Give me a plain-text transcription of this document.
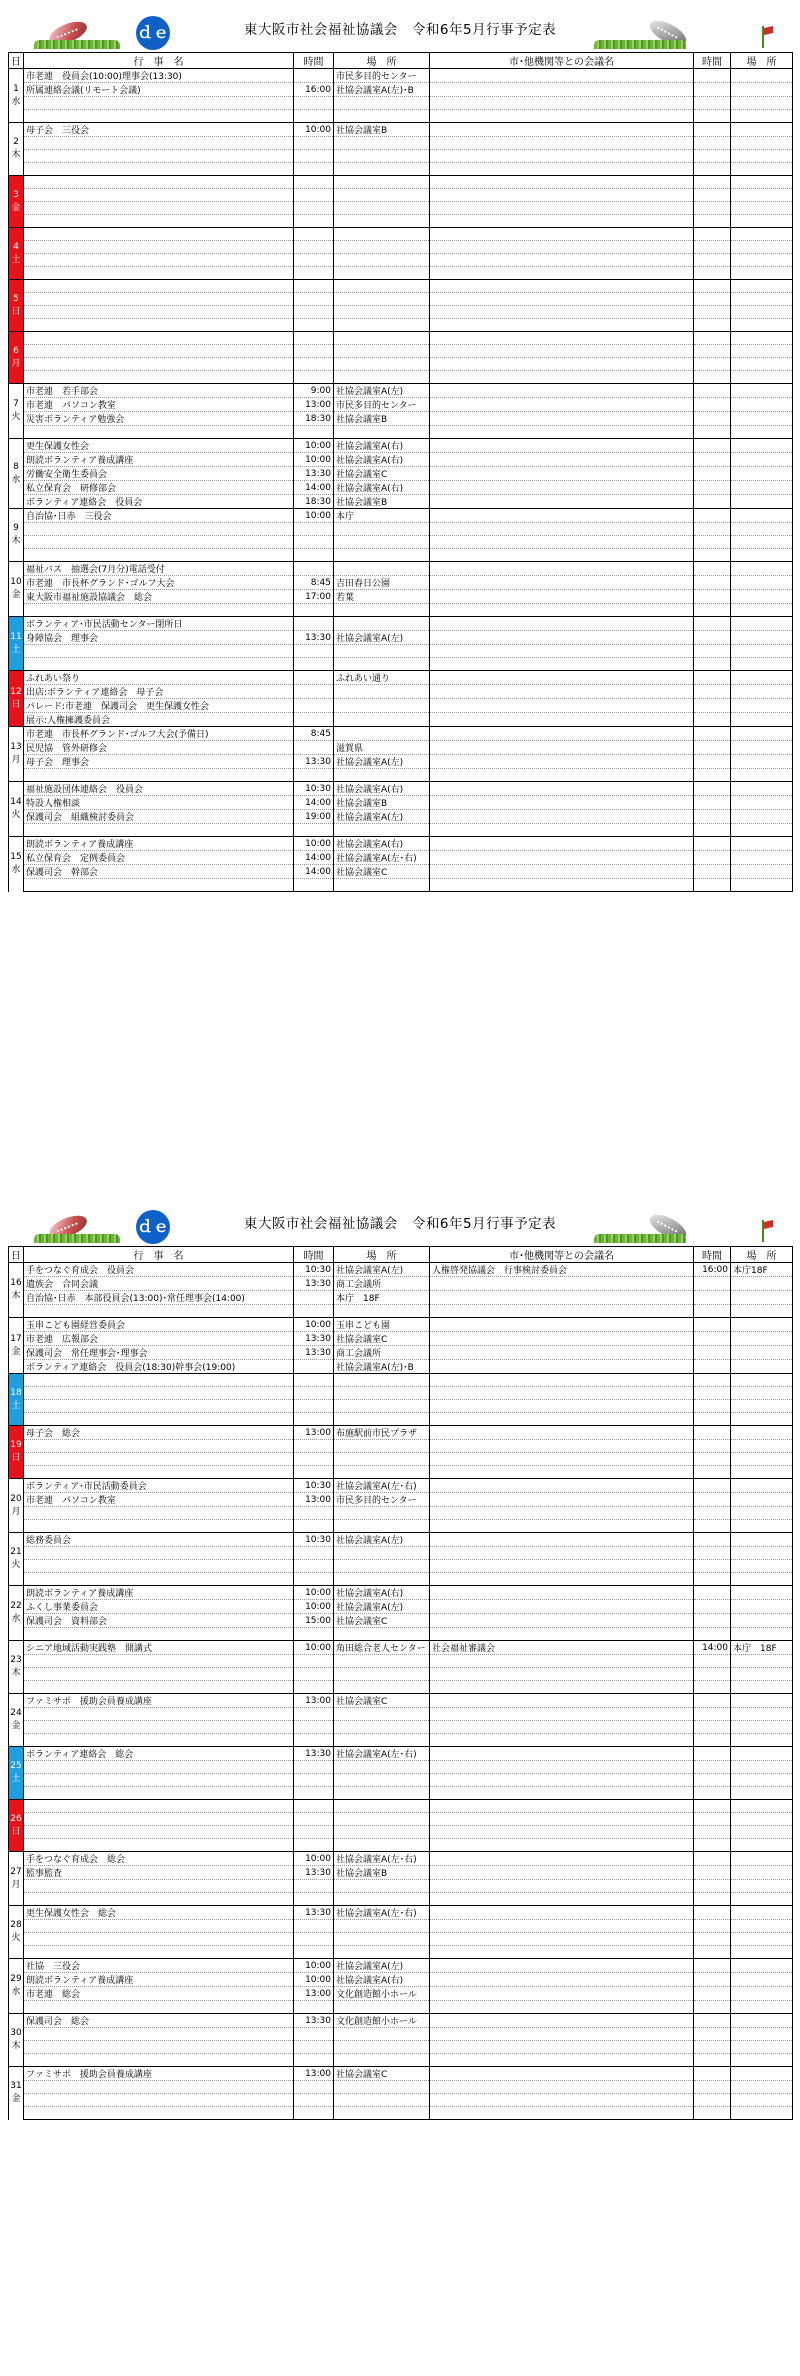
ｄｅ	東大阪市社会福祉協議会　令和6年5月行事予定表
日	行　事　名	時間	場　所	市･他機関等との会議名	時間	場　所

1
水	市老連　役員会(10:00)理事会(13:30)		市民多目的センター			
	所属連絡会議(リモート会議)	16:00	社協会議室A(左)･B			

2
木	母子会　三役会	10:00	社協会議室B			

3
金						

4
土						

5
日						

6
月						

7
火	市老連　若手部会	9:00	社協会議室A(左)			
	市老連　パソコン教室	13:00	市民多目的センター			
	災害ボランティア勉強会	18:30	社協会議室B			

8
水	更生保護女性会	10:00	社協会議室A(右)			
	朗読ボランティア養成講座	10:00	社協会議室A(右)			
	労働安全衛生委員会	13:30	社協会議室C			
	私立保育会　研修部会	14:00	社協会議室A(右)			
	ボランティア連絡会　役員会	18:30	社協会議室B			

9
木	自治協･日赤　三役会	10:00	本庁			

10
金	福祉バス　抽選会(7月分)電話受付					
	市老連　市長杯グランド･ゴルフ大会	8:45	吉田春日公園			
	東大阪市福祉施設協議会　総会	17:00	若葉			

11
土	ボランティア･市民活動センター閉所日					
	身障協会　理事会	13:30	社協会議室A(左)			

12
日	ふれあい祭り		ふれあい通り			
	出店:ボランティア連絡会　母子会					
	パレード:市老連　保護司会　更生保護女性会					
	展示:人権擁護委員会					

13
月	市老連　市長杯グランド･ゴルフ大会(予備日)	8:45				
	民児協　管外研修会		滋賀県			
	母子会　理事会	13:30	社協会議室A(左)			

14
火	福祉施設団体連絡会　役員会	10:30	社協会議室A(右)			
	特設人権相談	14:00	社協会議室B			
	保護司会　組織検討委員会	19:00	社協会議室A(左)			

15
水	朗読ボランティア養成講座	10:00	社協会議室A(右)			
	私立保育会　定例委員会	14:00	社協会議室A(左･右)			
	保護司会　幹部会	14:00	社協会議室C			

ｄｅ	東大阪市社会福祉協議会　令和6年5月行事予定表
日	行　事　名	時間	場　所	市･他機関等との会議名	時間	場　所

16
木	手をつなぐ育成会　役員会	10:30	社協会議室A(左)	人権啓発協議会　行事検討委員会	16:00	本庁18F
	遺族会　合同会議	13:30	商工会議所			
	自治協･日赤　本部役員会(13:00)･常任理事会(14:00)		本庁　18F			

17
金	玉串こども園経営委員会	10:00	玉串こども園			
	市老連　広報部会	13:30	社協会議室C			
	保護司会　常任理事会･理事会	13:30	商工会議所			
	ボランティア連絡会　役員会(18:30)幹事会(19:00)		社協会議室A(左)･B			

18
土						

19
日	母子会　総会	13:00	布施駅前市民プラザ			

20
月	ボランティア･市民活動委員会	10:30	社協会議室A(左･右)			
	市老連　パソコン教室	13:00	市民多目的センター			

21
火	総務委員会	10:30	社協会議室A(左)			

22
水	朗読ボランティア養成講座	10:00	社協会議室A(右)			
	ふくし事業委員会	10:00	社協会議室A(左)			
	保護司会　資料部会	15:00	社協会議室C			

23
木	シニア地域活動実践塾　開講式	10:00	角田総合老人センター	社会福祉審議会	14:00	本庁　18F

24
金	ファミサポ　援助会員養成講座	13:00	社協会議室C			

25
土	ボランティア連絡会　総会	13:30	社協会議室A(左･右)			

26
日						

27
月	手をつなぐ育成会　総会	10:00	社協会議室A(左･右)			
	監事監査	13:30	社協会議室B			

28
火	更生保護女性会　総会	13:30	社協会議室A(左･右)			

29
水	社協　三役会	10:00	社協会議室A(左)			
	朗読ボランティア養成講座	10:00	社協会議室A(右)			
	市老連　総会	13:00	文化創造館小ホール			

30
木	保護司会　総会	13:30	文化創造館小ホール			

31
金	ファミサポ　援助会員養成講座	13:00	社協会議室C			
